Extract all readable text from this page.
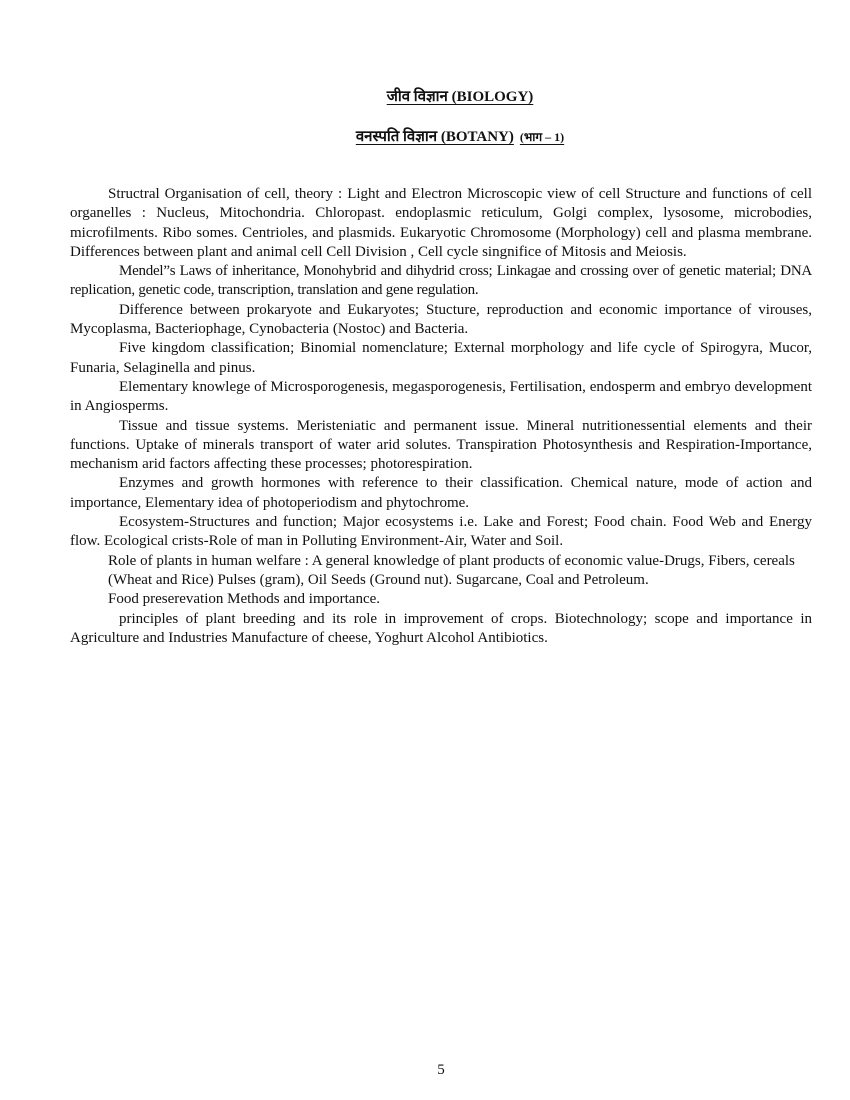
जीव विज्ञान (BIOLOGY)
वनस्पति विज्ञान (BOTANY) (भाग – 1)

Structral Organisation of cell, theory : Light and Electron Microscopic view of cell Structure and functions of cell organelles : Nucleus, Mitochondria. Chloropast. endoplasmic reticulum, Golgi complex, lysosome, microbodies, microfilments. Ribo somes. Centrioles, and plasmids. Eukaryotic Chromosome (Morphology) cell and plasma membrane. Differences between plant and animal cell Cell Division , Cell cycle singnifice of Mitosis and Meiosis.

Mendel”s Laws of inheritance, Monohybrid and dihydrid cross; Linkagae and crossing over of genetic material; DNA replication, genetic code, transcription, translation and gene regulation.

Difference between prokaryote and Eukaryotes; Stucture, reproduction and economic importance of virouses, Mycoplasma, Bacteriophage, Cynobacteria (Nostoc) and Bacteria.

Five kingdom classification; Binomial nomenclature; External morphology and life cycle of Spirogyra, Mucor, Funaria, Selaginella and pinus.

Elementary knowlege of Microsporogenesis, megasporogenesis, Fertilisation, endosperm and embryo development in Angiosperms.

Tissue and tissue systems. Meristeniatic and permanent issue. Mineral nutritionessential elements and their functions. Uptake of minerals transport of water arid solutes. Transpiration Photosynthesis and Respiration-Importance, mechanism arid factors affecting these processes; photorespiration.

Enzymes and growth hormones with reference to their classification. Chemical nature, mode of action and importance, Elementary idea of photoperiodism and phytochrome.

Ecosystem-Structures and function; Major ecosystems i.e. Lake and Forest; Food chain. Food Web and Energy flow. Ecological crists-Role of man in Polluting Environment-Air, Water and Soil.

Role of plants in human welfare : A general knowledge of plant products of economic value-Drugs, Fibers, cereals

(Wheat and Rice) Pulses (gram), Oil Seeds (Ground nut). Sugarcane, Coal and Petroleum.

Food preserevation Methods and importance.

principles of plant breeding and its role in improvement of crops. Biotechnology; scope and importance in Agriculture and Industries Manufacture of cheese, Yoghurt Alcohol Antibiotics.

5
